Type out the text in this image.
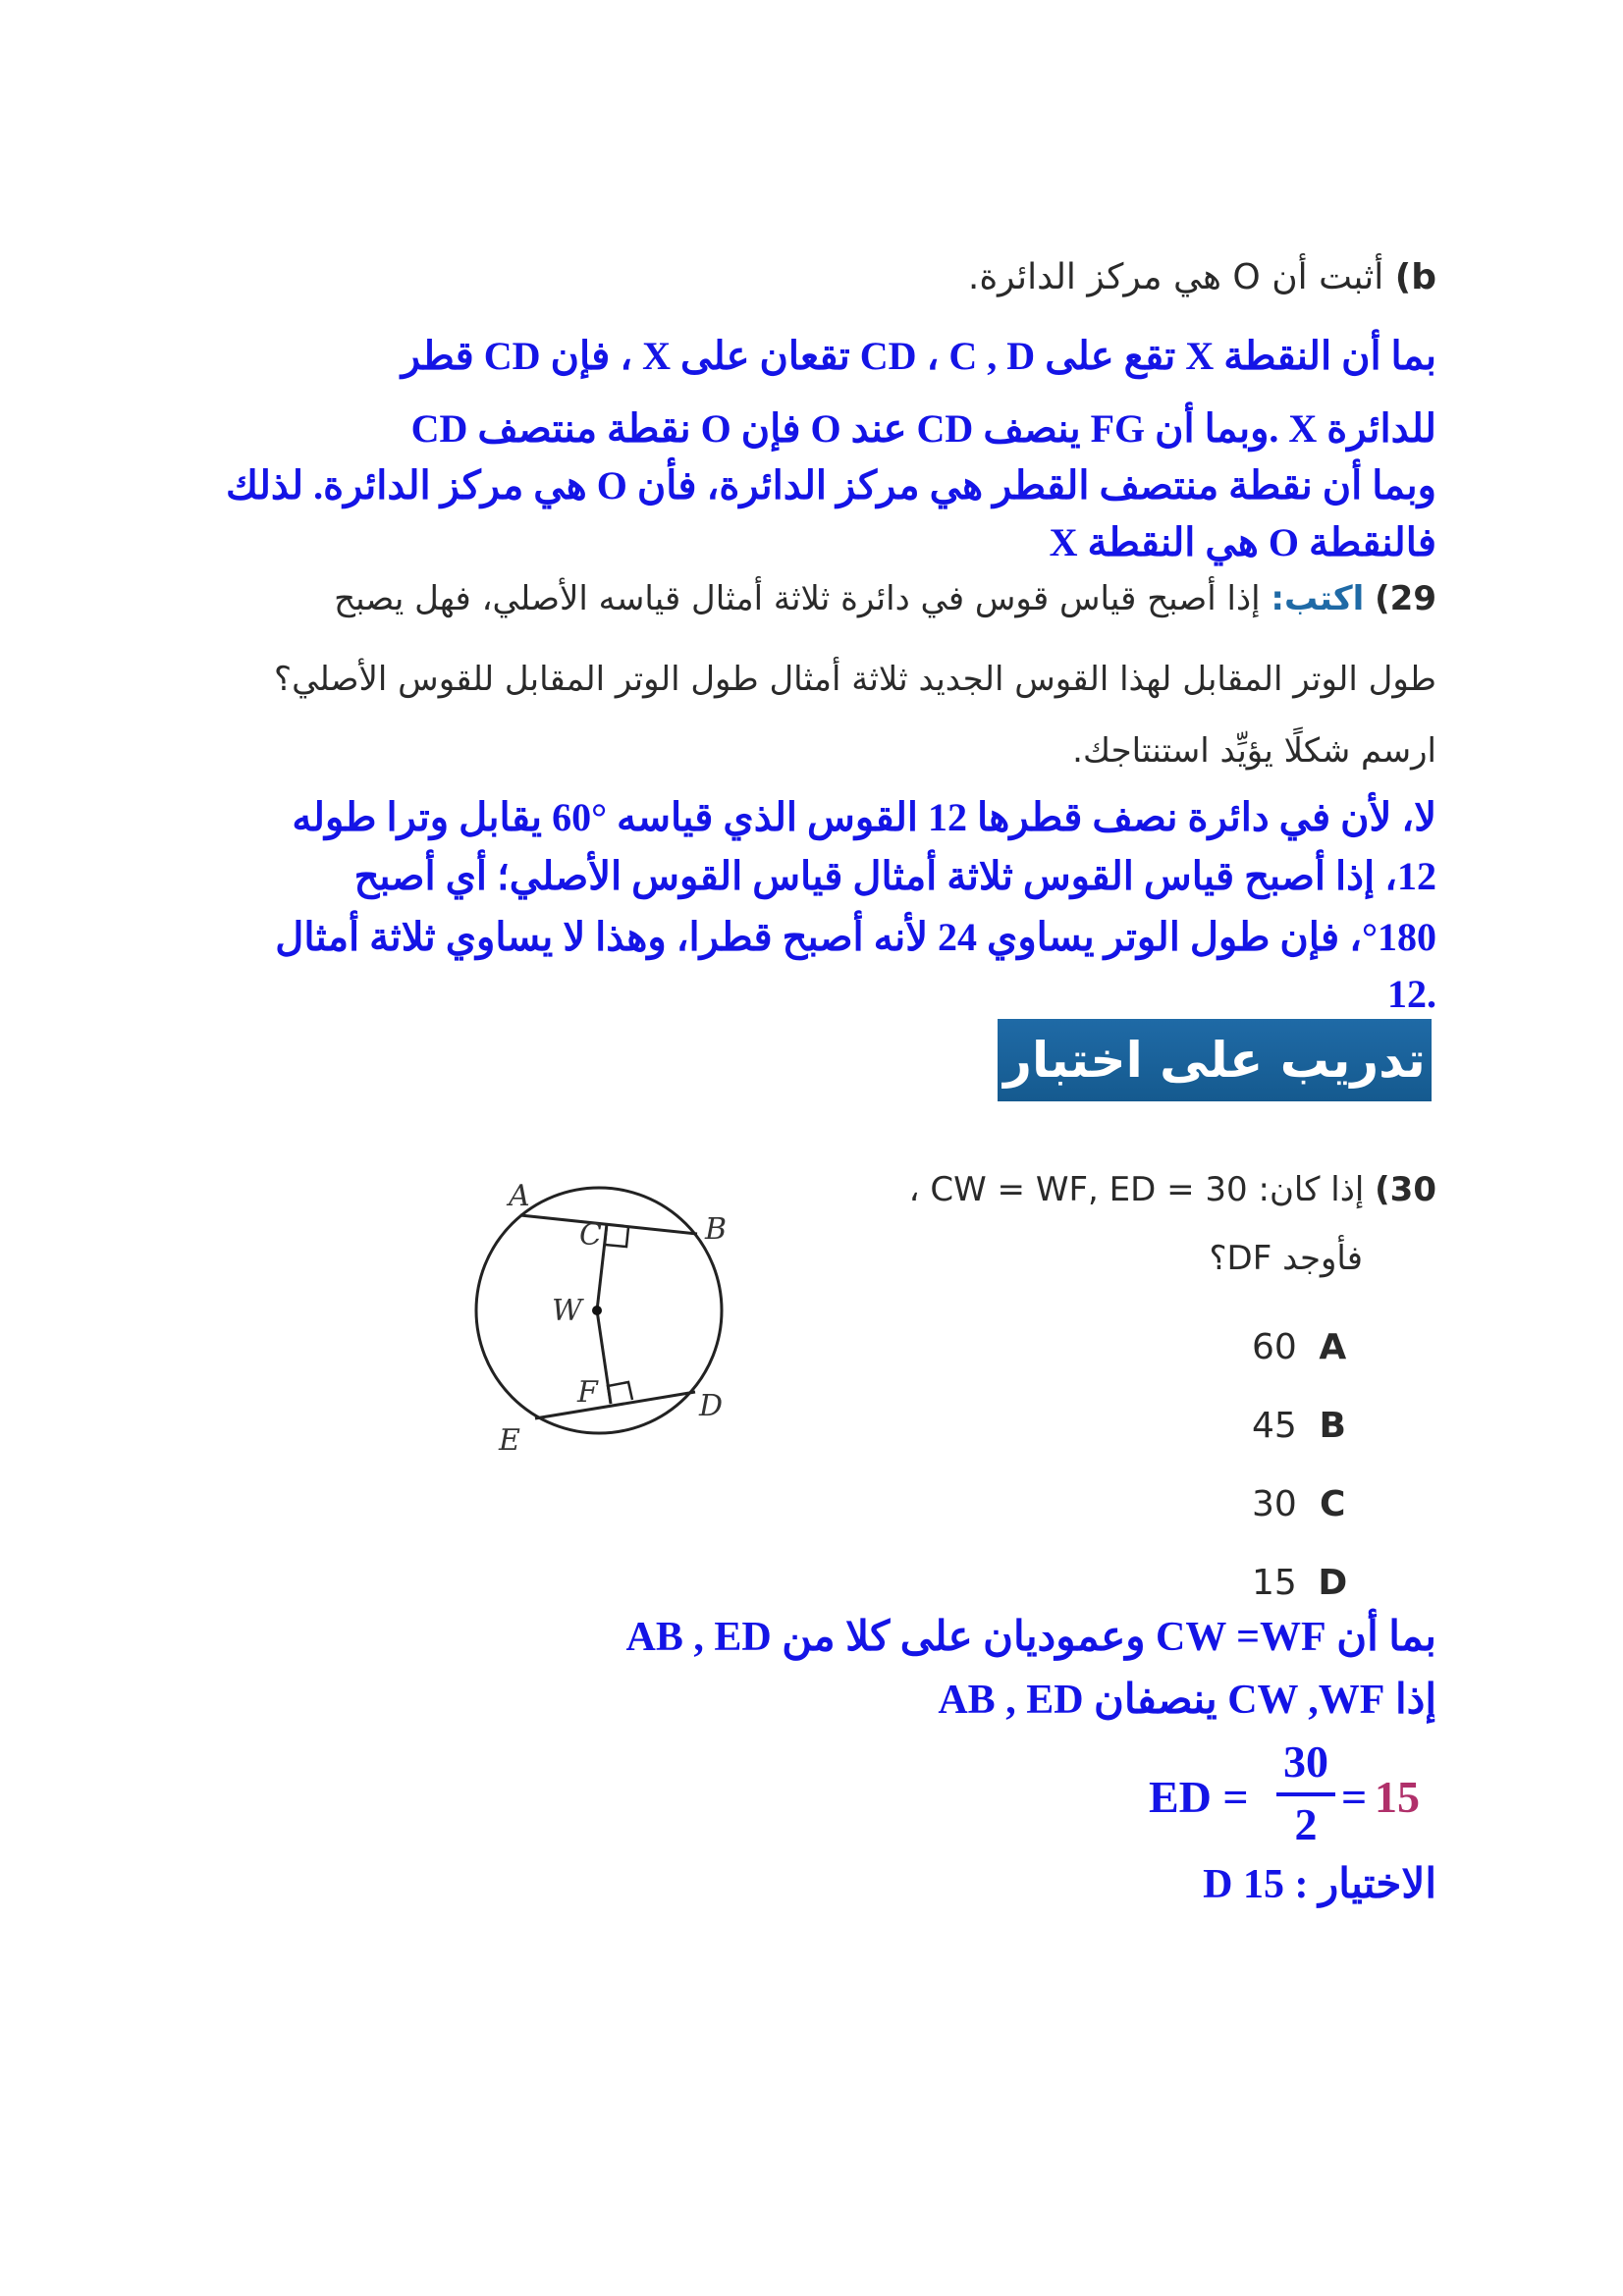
b) أثبت أن O هي مركز الدائرة.
بما أن النقطة X تقع على CD ، C , D تقعان على X ، فإن CD قطر
للدائرة X .وبما أن FG ينصف CD عند O فإن O نقطة منتصف CD
وبما أن نقطة منتصف القطر هي مركز الدائرة، فأن O هي مركز الدائرة. لذلك
فالنقطة O هي النقطة X
29) اكتب: إذا أصبح قياس قوس في دائرة ثلاثة أمثال قياسه الأصلي، فهل يصبح
طول الوتر المقابل لهذا القوس الجديد ثلاثة أمثال طول الوتر المقابل للقوس الأصلي؟
ارسم شكلًا يؤيِّد استنتاجك.
لا، لأن في دائرة نصف قطرها 12 القوس الذي قياسه °60 يقابل وترا طوله
12، إذا أصبح قياس القوس ثلاثة أمثال قياس القوس الأصلي؛ أي أصبح
°180، فإن طول الوتر يساوي 24 لأنه أصبح قطرا، وهذا لا يساوي ثلاثة أمثال
.12
تدريب على اختبار
A
B
C
W
F	D
E
30) إذا كان: CW = WF, ED = 30 ،
فأوجد DF؟
60 A
45 B
30 C
15 D
بما أن CW =WF وعموديان على كلا من AB , ED
إذا CW ,WF ينصفان AB , ED
ED =
30
2
= 15
الاختيار : 15 D
